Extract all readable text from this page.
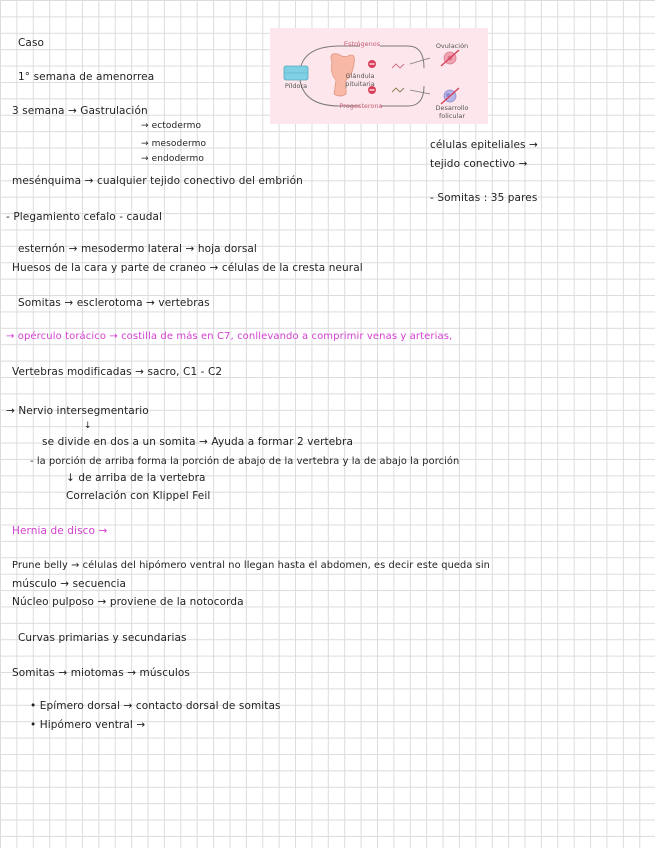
Caso
1° semana de amenorrea
3 semana → Gastrulación
→ ectodermo
→ mesodermo
→ endodermo
células epiteliales →
tejido conectivo →
mesénquima → cualquier tejido conectivo del embrión
- Somitas : 35 pares
- Plegamiento cefalo - caudal
esternón → mesodermo lateral → hoja dorsal
Huesos de la cara y parte de craneo → células de la cresta neural
Somitas → esclerotoma → vertebras
→ opérculo torácico → costilla de más en C7, conllevando a comprimir venas y arterias,
Vertebras modificadas → sacro, C1 - C2
→ Nervio intersegmentario
↓
se divide en dos a un somita → Ayuda a formar 2 vertebra
- la porción de arriba forma la porción de abajo de la vertebra y la de abajo la porción
↓ de arriba de la vertebra
Correlación con Klippel Feil
Hernia de disco →
Prune belly → células del hipómero ventral no llegan hasta el abdomen, es decir este queda sin
músculo → secuencia
Núcleo pulposo → proviene de la notocorda
Curvas primarias y secundarias
Somitas → miotomas → músculos
• Epímero dorsal → contacto dorsal de somitas
• Hipómero ventral →
Estrógenos
Progesterona
Píldora
Glándula pituitaria
Ovulación
Desarrollo folicular
